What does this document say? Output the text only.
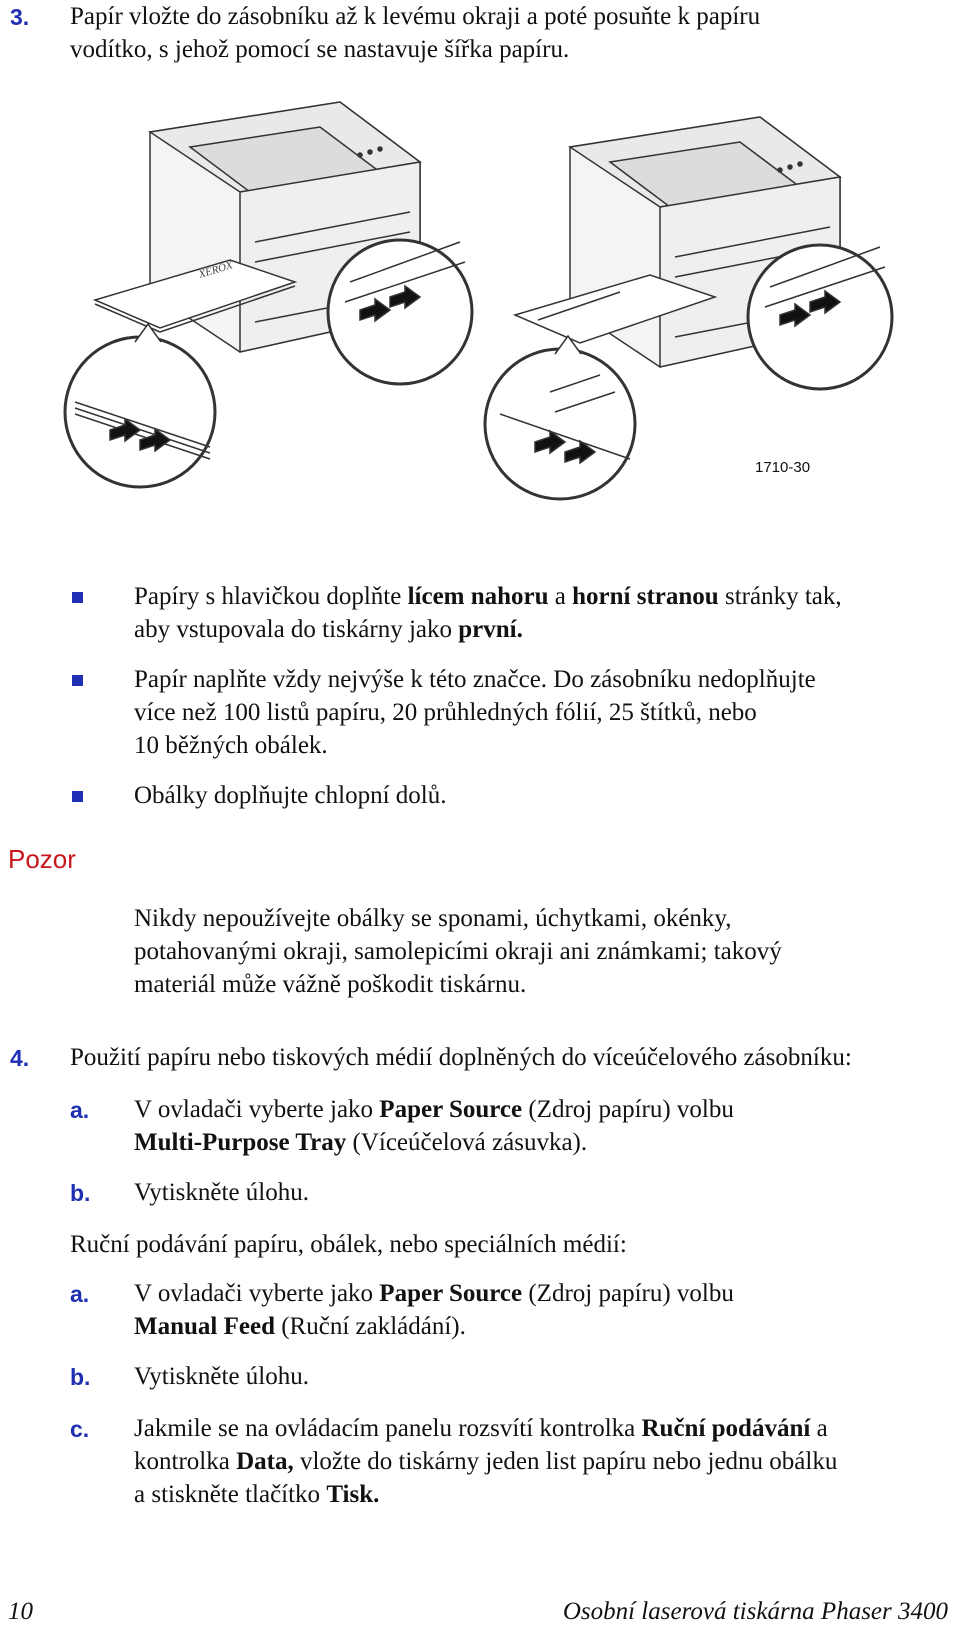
3. Papír vložte do zásobníku až k levému okraji a poté posuňte k papíru
vodítko, s jehož pomocí se nastavuje šířka papíru.
XEROX
1710-30
Papíry s hlavičkou doplňte lícem nahoru a horní stranou stránky tak,
aby vstupovala do tiskárny jako první.
Papír naplňte vždy nejvýše k této značce. Do zásobníku nedoplňujte
více než 100 listů papíru, 20 průhledných fólií, 25 štítků, nebo
10 běžných obálek.
Obálky doplňujte chlopní dolů.
Pozor
Nikdy nepoužívejte obálky se sponami, úchytkami, okénky,
potahovanými okraji, samolepicími okraji ani známkami; takový
materiál může vážně poškodit tiskárnu.
4. Použití papíru nebo tiskových médií doplněných do víceúčelového zásobníku:
a. V ovladači vyberte jako Paper Source (Zdroj papíru) volbu
Multi-Purpose Tray (Víceúčelová zásuvka).
b. Vytiskněte úlohu.
Ruční podávání papíru, obálek, nebo speciálních médií:
a. V ovladači vyberte jako Paper Source (Zdroj papíru) volbu
Manual Feed (Ruční zakládání).
b. Vytiskněte úlohu.
c. Jakmile se na ovládacím panelu rozsvítí kontrolka Ruční podávání a
kontrolka Data, vložte do tiskárny jeden list papíru nebo jednu obálku
a stiskněte tlačítko Tisk.
10	Osobní laserová tiskárna Phaser 3400
